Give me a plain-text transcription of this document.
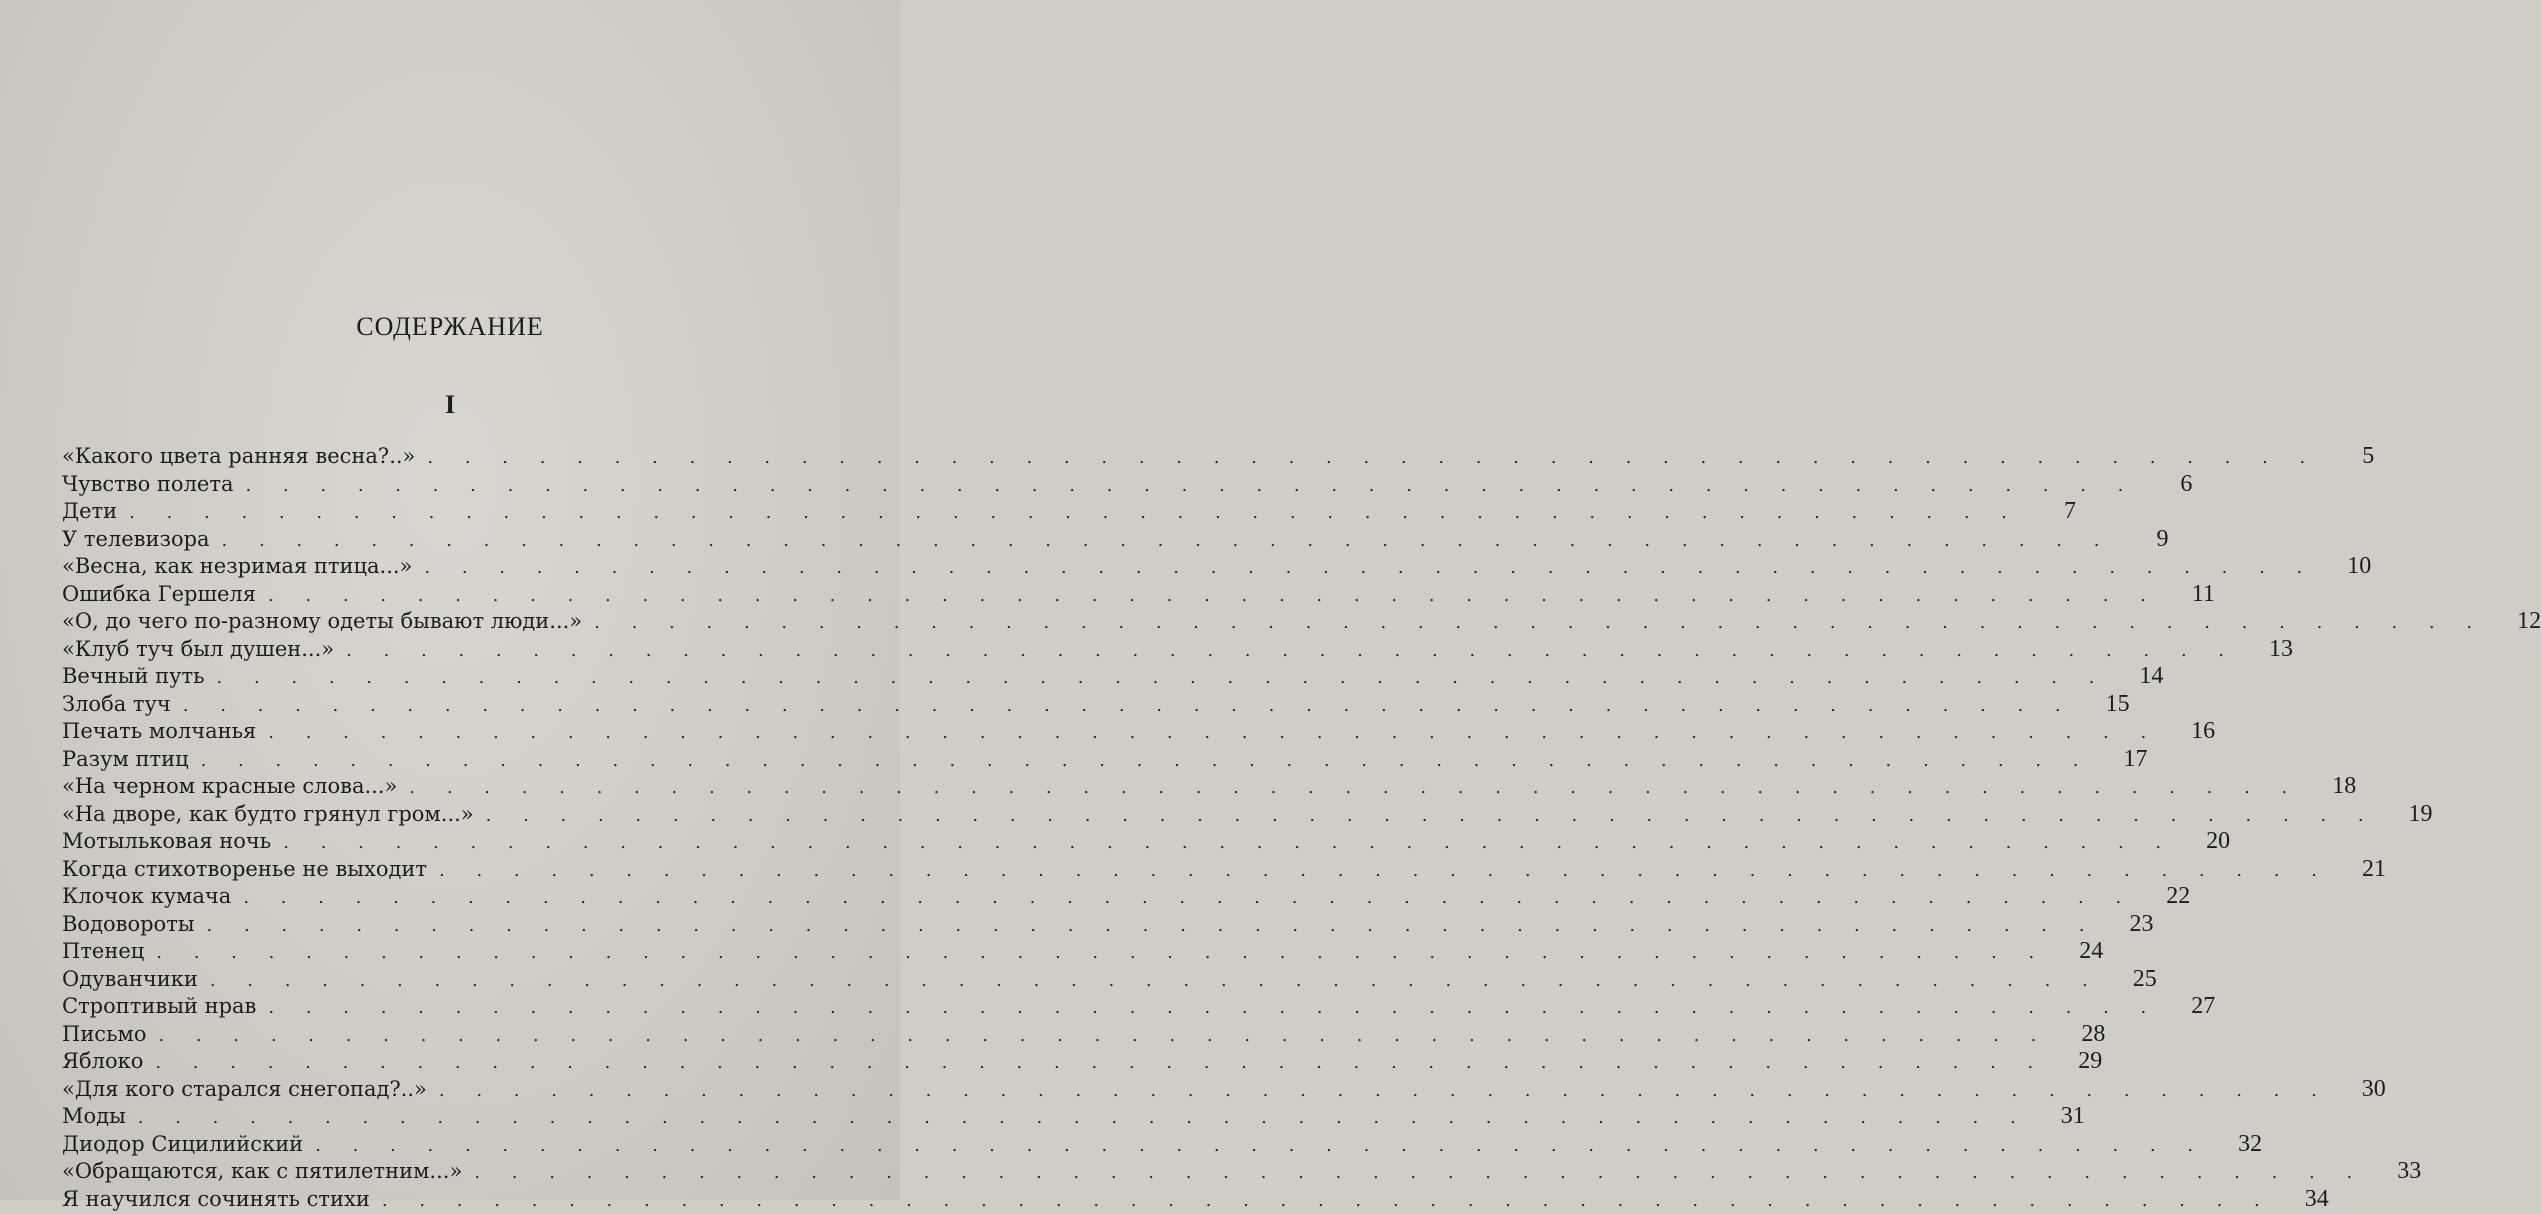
СОДЕРЖАНИЕ
I
«Какого цвета ранняя весна?..» . . . . . . . . . . . . . . . . . . . . . . . . . . . . . . . . . . . . . . . . . . . . . . . . . . .	5
Чувство полета . . . . . . . . . . . . . . . . . . . . . . . . . . . . . . . . . . . . . . . . . . . . . . . . . . .	6
Дети . . . . . . . . . . . . . . . . . . . . . . . . . . . . . . . . . . . . . . . . . . . . . . . . . . .	7
У телевизора . . . . . . . . . . . . . . . . . . . . . . . . . . . . . . . . . . . . . . . . . . . . . . . . . . .	9
«Весна, как незримая птица...» . . . . . . . . . . . . . . . . . . . . . . . . . . . . . . . . . . . . . . . . . . . . . . . . . . .	10
Ошибка Гершеля . . . . . . . . . . . . . . . . . . . . . . . . . . . . . . . . . . . . . . . . . . . . . . . . . . .	11
«О, до чего по-разному одеты бывают люди...» . . . . . . . . . . . . . . . . . . . . . . . . . . . . . . . . . . . . . . . . . . . . . . . . . . .	12
«Клуб туч был душен...» . . . . . . . . . . . . . . . . . . . . . . . . . . . . . . . . . . . . . . . . . . . . . . . . . . .	13
Вечный путь . . . . . . . . . . . . . . . . . . . . . . . . . . . . . . . . . . . . . . . . . . . . . . . . . . .	14
Злоба туч . . . . . . . . . . . . . . . . . . . . . . . . . . . . . . . . . . . . . . . . . . . . . . . . . . .	15
Печать молчанья . . . . . . . . . . . . . . . . . . . . . . . . . . . . . . . . . . . . . . . . . . . . . . . . . . .	16
Разум птиц . . . . . . . . . . . . . . . . . . . . . . . . . . . . . . . . . . . . . . . . . . . . . . . . . . .	17
«На черном красные слова...» . . . . . . . . . . . . . . . . . . . . . . . . . . . . . . . . . . . . . . . . . . . . . . . . . . .	18
«На дворе, как будто грянул гром...» . . . . . . . . . . . . . . . . . . . . . . . . . . . . . . . . . . . . . . . . . . . . . . . . . . .	19
Мотыльковая ночь . . . . . . . . . . . . . . . . . . . . . . . . . . . . . . . . . . . . . . . . . . . . . . . . . . .	20
Когда стихотворенье не выходит . . . . . . . . . . . . . . . . . . . . . . . . . . . . . . . . . . . . . . . . . . . . . . . . . . .	21
Клочок кумача . . . . . . . . . . . . . . . . . . . . . . . . . . . . . . . . . . . . . . . . . . . . . . . . . . .	22
Водовороты . . . . . . . . . . . . . . . . . . . . . . . . . . . . . . . . . . . . . . . . . . . . . . . . . . .	23
Птенец . . . . . . . . . . . . . . . . . . . . . . . . . . . . . . . . . . . . . . . . . . . . . . . . . . .	24
Одуванчики . . . . . . . . . . . . . . . . . . . . . . . . . . . . . . . . . . . . . . . . . . . . . . . . . . .	25
Строптивый нрав . . . . . . . . . . . . . . . . . . . . . . . . . . . . . . . . . . . . . . . . . . . . . . . . . . .	27
Письмо . . . . . . . . . . . . . . . . . . . . . . . . . . . . . . . . . . . . . . . . . . . . . . . . . . .	28
Яблоко . . . . . . . . . . . . . . . . . . . . . . . . . . . . . . . . . . . . . . . . . . . . . . . . . . .	29
«Для кого старался снегопад?..» . . . . . . . . . . . . . . . . . . . . . . . . . . . . . . . . . . . . . . . . . . . . . . . . . . .	30
Моды . . . . . . . . . . . . . . . . . . . . . . . . . . . . . . . . . . . . . . . . . . . . . . . . . . .	31
Диодор Сицилийский . . . . . . . . . . . . . . . . . . . . . . . . . . . . . . . . . . . . . . . . . . . . . . . . . . .	32
«Обращаются, как с пятилетним...» . . . . . . . . . . . . . . . . . . . . . . . . . . . . . . . . . . . . . . . . . . . . . . . . . . .	33
Я научился сочинять стихи . . . . . . . . . . . . . . . . . . . . . . . . . . . . . . . . . . . . . . . . . . . . . . . . . . .	34
